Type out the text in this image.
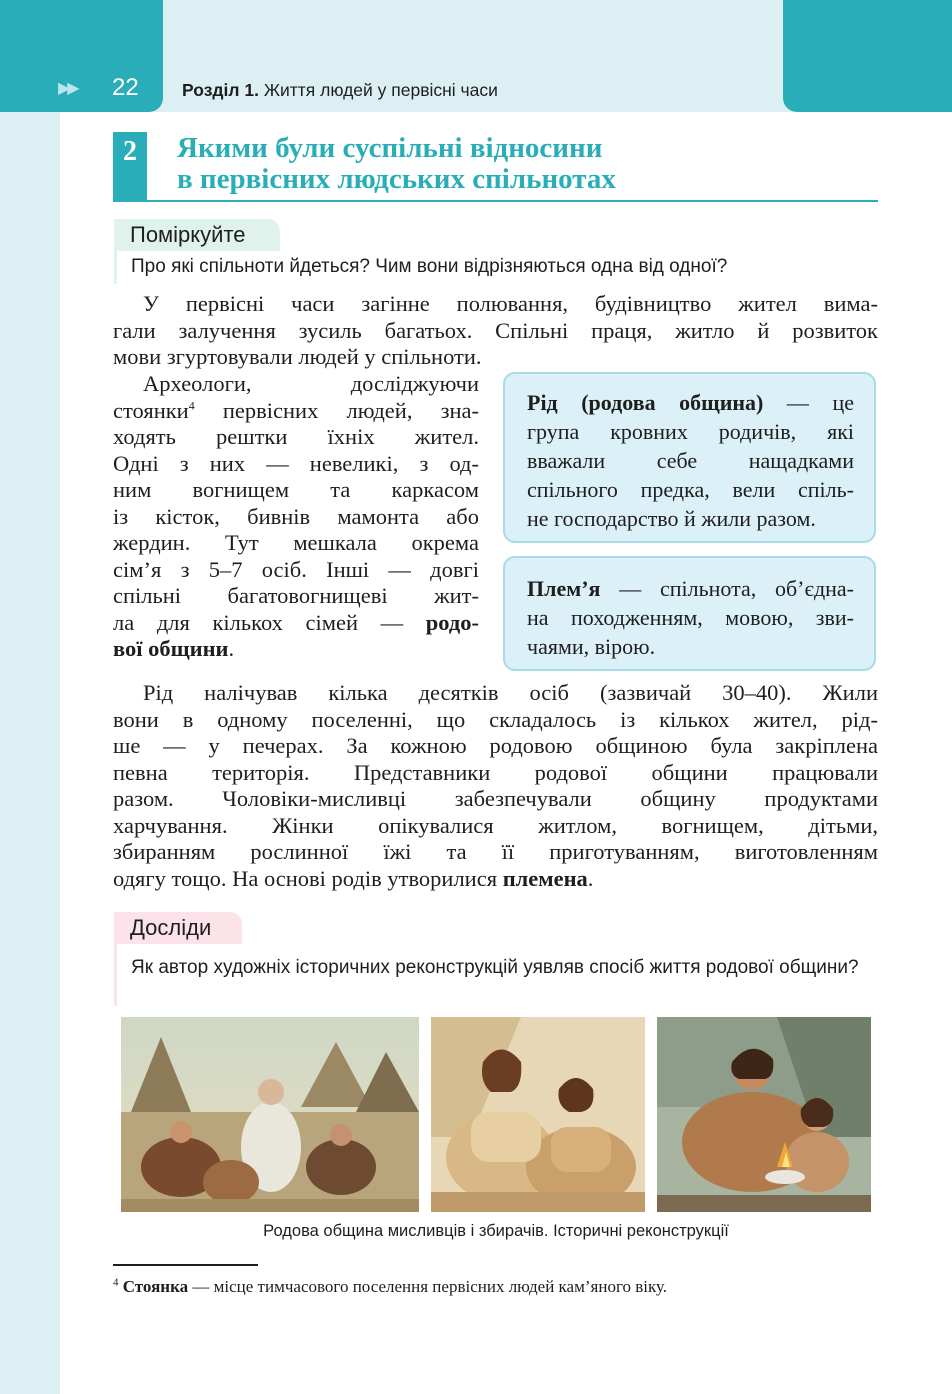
▶▶ 22 Розділ 1. Життя людей у первісні часи
2	Якими були суспільні відносини
в первісних людських спільнотах
Поміркуйте
Про які спільноти йдеться? Чим вони відрізняються одна від одної?
У первісні часи загінне полювання, будівництво жител вима-
гали залучення зусиль багатьох. Спільні праця, житло й розвиток
мови згуртовували людей у спільноти.
Археологи, досліджуючи
стоянки$^4$ первісних людей, зна-
ходять рештки їхніх жител.
Одні з них — невеликі, з од-
ним вогнищем та каркасом
із кісток, бивнів мамонта або
жердин. Тут мешкала окрема
сім’я з 5–7 осіб. Інші — довгі
спільні багатовогнищеві жит-
ла для кількох сімей — родо-
вої общини.
Рід (родова община) — це
група кровних родичів, які
вважали себе нащадками
спільного предка, вели спіль-
не господарство й жили разом.
Плем’я — спільнота, об’єдна-
на походженням, мовою, зви-
чаями, вірою.
Рід налічував кілька десятків осіб (зазвичай 30–40). Жили
вони в одному поселенні, що складалось із кількох жител, рід-
ше — у печерах. За кожною родовою общиною була закріплена
певна територія. Представники родової общини працювали
разом. Чоловіки-мисливці забезпечували общину продуктами
харчування. Жінки опікувалися житлом, вогнищем, дітьми,
збиранням рослинної їжі та її приготуванням, виготовленням
одягу тощо. На основі родів утворилися племена.
Досліди
Як автор художніх історичних реконструкцій уявляв спосіб життя родової общини?
Родова община мисливців і збирачів. Історичні реконструкції
$^4$ Стоянка — місце тимчасового поселення первісних людей кам’яного віку.
